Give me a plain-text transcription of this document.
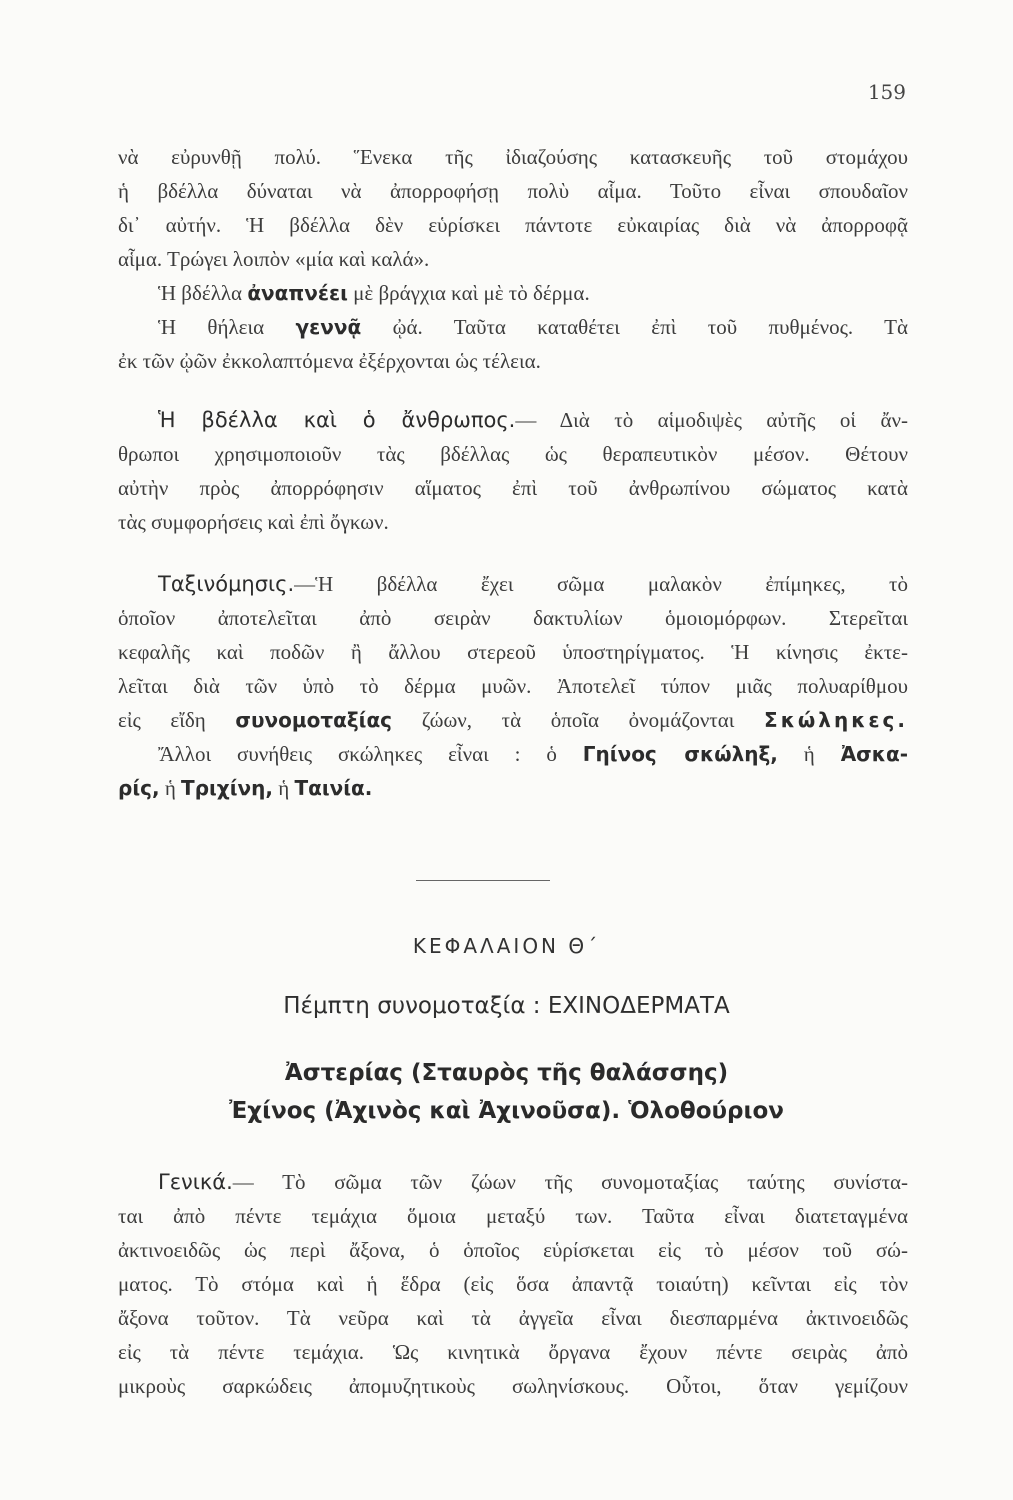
159
νὰ εὐρυνθῇ πολύ. Ἕνεκα τῆς ἰδιαζούσης κατασκευῆς τοῦ στομάχου
ἡ βδέλλα δύναται νὰ ἀπορροφήσῃ πολὺ αἷμα. Τοῦτο εἶναι σπουδαῖον
δι᾽ αὐτήν. Ἡ βδέλλα δὲν εὑρίσκει πάντοτε εὐκαιρίας διὰ νὰ ἀπορροφᾷ
αἷμα. Τρώγει λοιπὸν «μία καὶ καλά».
Ἡ βδέλλα ἀναπνέει μὲ βράγχια καὶ μὲ τὸ δέρμα.
Ἡ θήλεια γεννᾷ ᾠά. Ταῦτα καταθέτει ἐπὶ τοῦ πυθμένος. Τὰ
ἐκ τῶν ᾠῶν ἐκκολαπτόμενα ἐξέρχονται ὡς τέλεια.
Ἡ βδέλλα καὶ ὁ ἄνθρωπος.— Διὰ τὸ αἱμοδιψὲς αὐτῆς οἱ ἄν-
θρωποι χρησιμοποιοῦν τὰς βδέλλας ὡς θεραπευτικὸν μέσον. Θέτουν
αὐτὴν πρὸς ἀπορρόφησιν αἵματος ἐπὶ τοῦ ἀνθρωπίνου σώματος κατὰ
τὰς συμφορήσεις καὶ ἐπὶ ὄγκων.
Ταξινόμησις.—Ἡ βδέλλα ἔχει σῶμα μαλακὸν ἐπίμηκες, τὸ
ὁποῖον ἀποτελεῖται ἀπὸ σειρὰν δακτυλίων ὁμοιομόρφων. Στερεῖται
κεφαλῆς καὶ ποδῶν ἢ ἄλλου στερεοῦ ὑποστηρίγματος. Ἡ κίνησις ἐκτε-
λεῖται διὰ τῶν ὑπὸ τὸ δέρμα μυῶν. Ἀποτελεῖ τύπον μιᾶς πολυαρίθμου
εἰς εἴδη συνομοταξίας ζώων, τὰ ὁποῖα ὀνομάζονται Σκώληκες.
Ἄλλοι συνήθεις σκώληκες εἶναι : ὁ Γηίνος σκώληξ, ἡ Ἀσκα-
ρίς, ἡ Τριχίνη, ἡ Ταινία.
ΚΕΦΑΛΑΙΟΝ Θ΄
Πέμπτη συνομοταξία : ΕΧΙΝΟΔΕΡΜΑΤΑ
Ἀστερίας (Σταυρὸς τῆς θαλάσσης)
Ἐχίνος (Ἀχινὸς καὶ Ἀχινοῦσα). Ὁλοθούριον
Γενικά.— Τὸ σῶμα τῶν ζώων τῆς συνομοταξίας ταύτης συνίστα-
ται ἀπὸ πέντε τεμάχια ὅμοια μεταξύ των. Ταῦτα εἶναι διατεταγμένα
ἀκτινοειδῶς ὡς περὶ ἄξονα, ὁ ὁποῖος εὑρίσκεται εἰς τὸ μέσον τοῦ σώ-
ματος. Τὸ στόμα καὶ ἡ ἕδρα (εἰς ὅσα ἀπαντᾷ τοιαύτη) κεῖνται εἰς τὸν
ἄξονα τοῦτον. Τὰ νεῦρα καὶ τὰ ἀγγεῖα εἶναι διεσπαρμένα ἀκτινοειδῶς
εἰς τὰ πέντε τεμάχια. Ὡς κινητικὰ ὄργανα ἔχουν πέντε σειρὰς ἀπὸ
μικροὺς σαρκώδεις ἀπομυζητικοὺς σωληνίσκους. Οὗτοι, ὅταν γεμίζουν
